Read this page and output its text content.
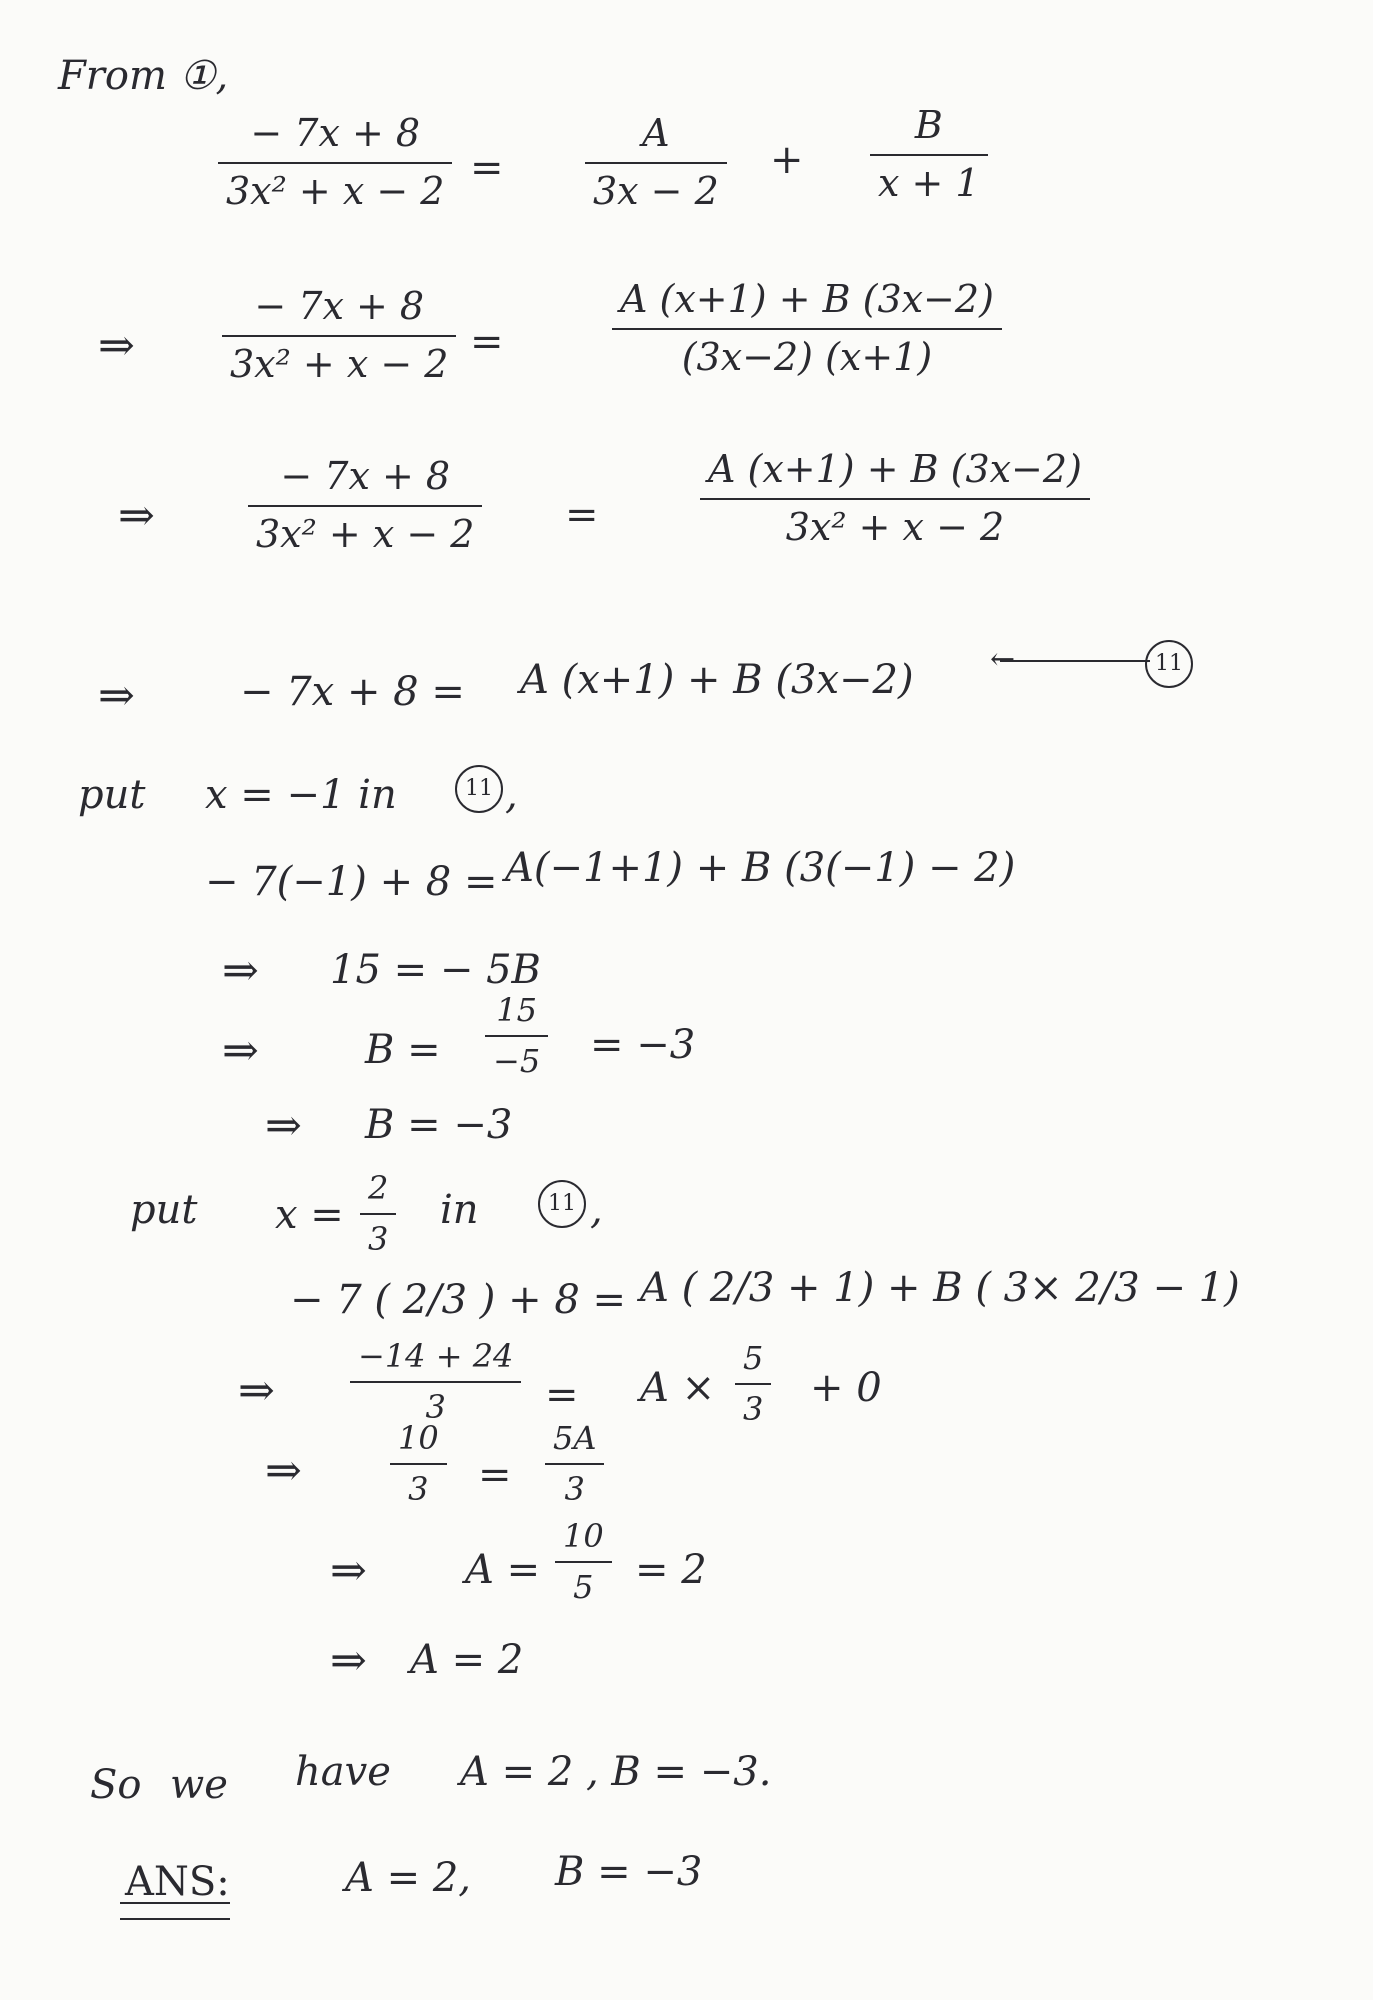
From ①,
− 7x + 8
3x² + x − 2 =
A
3x − 2
+
B
x + 1
⇒
− 7x + 8
3x² + x − 2 =
A (x+1) + B (3x−2)
(3x−2) (x+1)
⇒
− 7x + 8
3x² + x − 2 =
A (x+1) + B (3x−2)
3x² + x − 2
⇒	− 7x + 8 = A (x+1) + B (3x−2)	←	11
put x = −1 in	11 ,
− 7(−1) + 8 = A(−1+1) + B (3(−1) − 2)
⇒ 15 = − 5B
⇒	B =
15
−5 = −3
⇒ B = −3
put x =
2
3
in	11 ,
− 7 ( 2/3 ) + 8 = A ( 2/3 + 1) + B ( 3× 2/3 − 1)
⇒
−14 + 24
3	= A ×
5
3 + 0
⇒
10
3	=
5A
3
⇒ A =
10
5	= 2
⇒ A = 2
So we have A = 2 , B = −3.
ANS:	A = 2, B = −3
